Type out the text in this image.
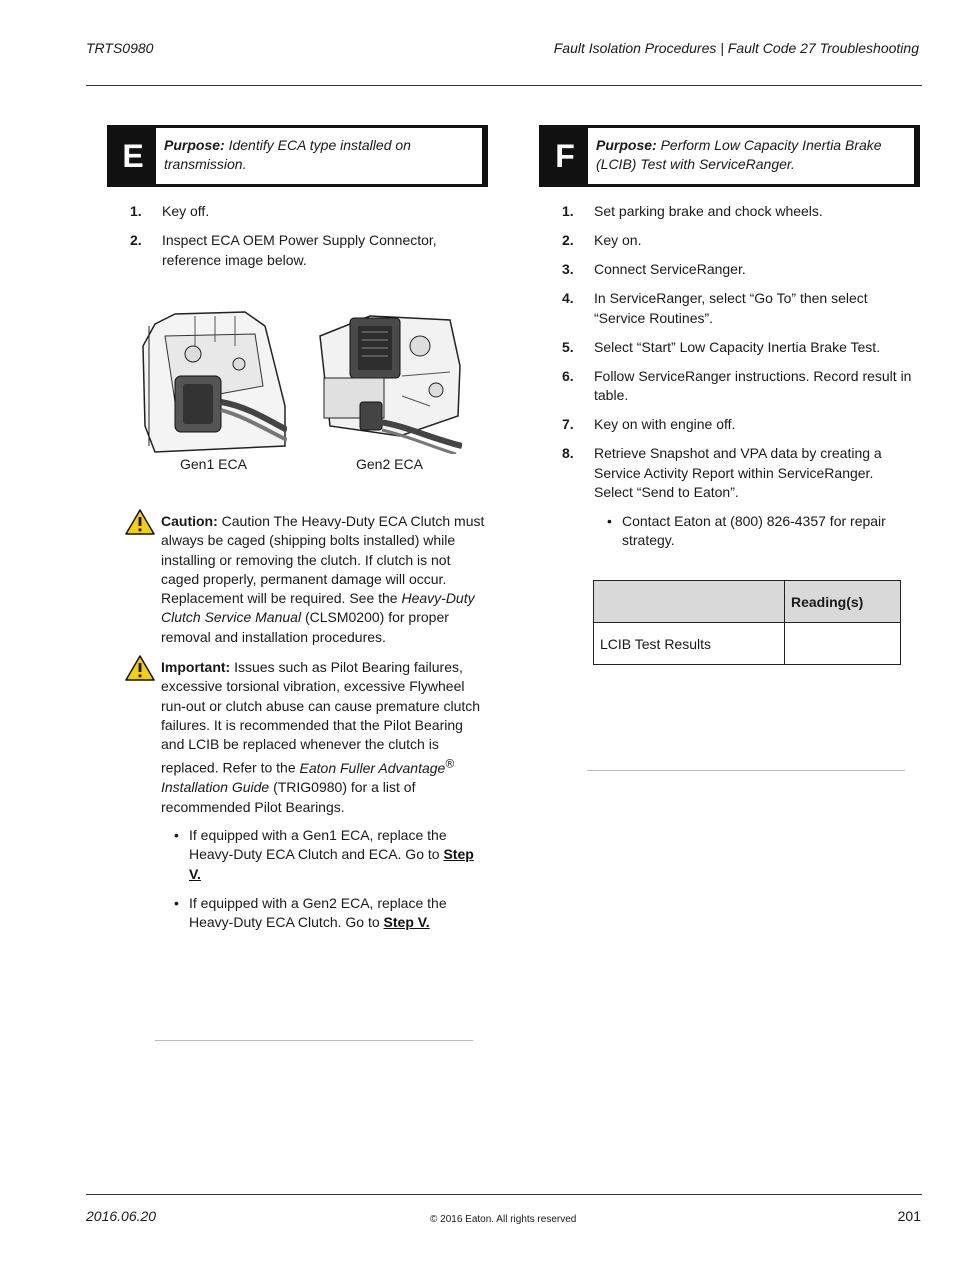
TRTS0980	Fault Isolation Procedures | Fault Code 27 Troubleshooting
E	Purpose: Identify ECA type installed on transmission.
1. Key off.
2. Inspect ECA OEM Power Supply Connector, reference image below.
Gen1 ECA	Gen2 ECA
Caution: Caution The Heavy-Duty ECA Clutch must always be caged (shipping bolts installed) while installing or removing the clutch. If clutch is not caged properly, permanent damage will occur. Replacement will be required. See the Heavy-Duty Clutch Service Manual (CLSM0200) for proper removal and installation procedures.
Important: Issues such as Pilot Bearing failures, excessive torsional vibration, excessive Flywheel run-out or clutch abuse can cause premature clutch failures. It is recommended that the Pilot Bearing and LCIB be replaced whenever the clutch is replaced. Refer to the Eaton Fuller Advantage® Installation Guide (TRIG0980) for a list of recommended Pilot Bearings.
• If equipped with a Gen1 ECA, replace the Heavy-Duty ECA Clutch and ECA. Go to Step V.
• If equipped with a Gen2 ECA, replace the Heavy-Duty ECA Clutch. Go to Step V.
F	Purpose: Perform Low Capacity Inertia Brake (LCIB) Test with ServiceRanger.
1. Set parking brake and chock wheels.
2. Key on.
3. Connect ServiceRanger.
4. In ServiceRanger, select “Go To” then select “Service Routines”.
5. Select “Start” Low Capacity Inertia Brake Test.
6. Follow ServiceRanger instructions. Record result in table.
7. Key on with engine off.
8. Retrieve Snapshot and VPA data by creating a Service Activity Report within ServiceRanger. Select “Send to Eaton”.
• Contact Eaton at (800) 826-4357 for repair strategy.
	Reading(s)
LCIB Test Results	
2016.06.20	© 2016 Eaton. All rights reserved	201
